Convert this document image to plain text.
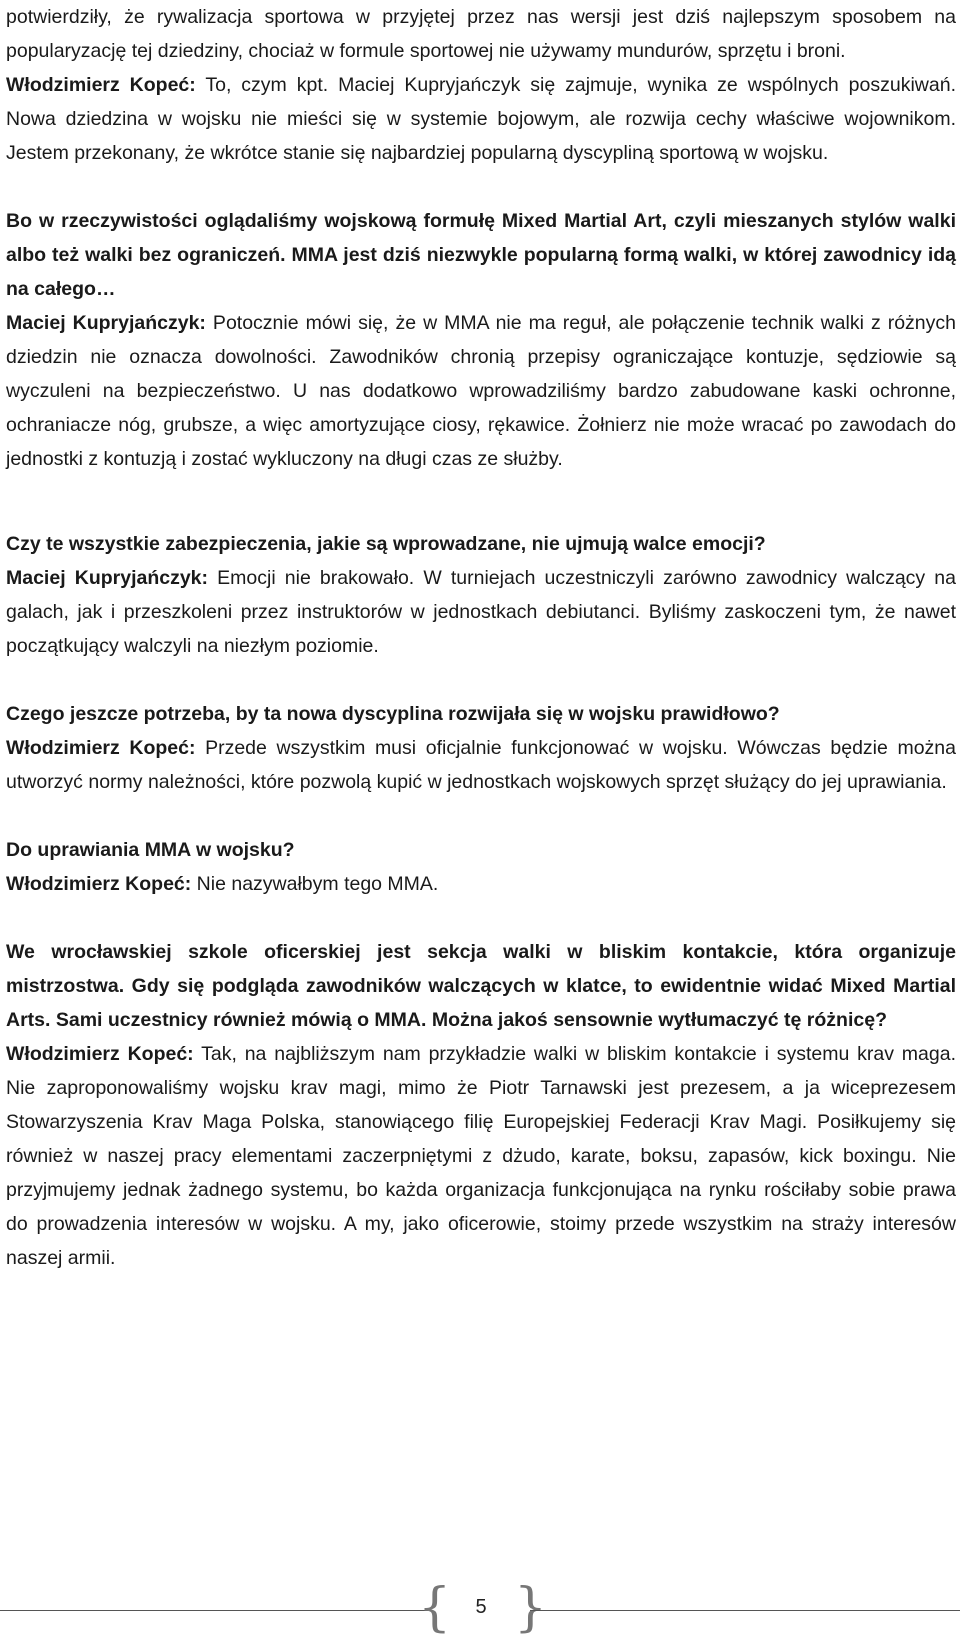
potwierdziły, że rywalizacja sportowa w przyjętej przez nas wersji jest dziś najlepszym sposobem na popularyzację tej dziedziny, chociaż w formule sportowej nie używamy mundurów, sprzętu i broni.

Włodzimierz Kopeć: To, czym kpt. Maciej Kupryjańczyk się zajmuje, wynika ze wspólnych poszukiwań. Nowa dziedzina w wojsku nie mieści się w systemie bojowym, ale rozwija cechy właściwe wojownikom. Jestem przekonany, że wkrótce stanie się najbardziej popularną dyscypliną sportową w wojsku.

Bo w rzeczywistości oglądaliśmy wojskową formułę Mixed Martial Art, czyli mieszanych stylów walki albo też walki bez ograniczeń. MMA jest dziś niezwykle popularną formą walki, w której zawodnicy idą na całego…

Maciej Kupryjańczyk: Potocznie mówi się, że w MMA nie ma reguł, ale połączenie technik walki z różnych dziedzin nie oznacza dowolności. Zawodników chronią przepisy ograniczające kontuzje, sędziowie są wyczuleni na bezpieczeństwo. U nas dodatkowo wprowadziliśmy bardzo zabudowane kaski ochronne, ochraniacze nóg, grubsze, a więc amortyzujące ciosy, rękawice. Żołnierz nie może wracać po zawodach do jednostki z kontuzją i zostać wykluczony na długi czas ze służby.

Czy te wszystkie zabezpieczenia, jakie są wprowadzane, nie ujmują walce emocji?

Maciej Kupryjańczyk: Emocji nie brakowało. W turniejach uczestniczyli zarówno zawodnicy walczący na galach, jak i przeszkoleni przez instruktorów w jednostkach debiutanci. Byliśmy zaskoczeni tym, że nawet początkujący walczyli na niezłym poziomie.

Czego jeszcze potrzeba, by ta nowa dyscyplina rozwijała się w wojsku prawidłowo?

Włodzimierz Kopeć: Przede wszystkim musi oficjalnie funkcjonować w wojsku. Wówczas będzie można utworzyć normy należności, które pozwolą kupić w jednostkach wojskowych sprzęt służący do jej uprawiania.

Do uprawiania MMA w wojsku?

Włodzimierz Kopeć: Nie nazywałbym tego MMA.

We wrocławskiej szkole oficerskiej jest sekcja walki w bliskim kontakcie, która organizuje mistrzostwa. Gdy się podgląda zawodników walczących w klatce, to ewidentnie widać Mixed Martial Arts. Sami uczestnicy również mówią o MMA. Można jakoś sensownie wytłumaczyć tę różnicę?

Włodzimierz Kopeć: Tak, na najbliższym nam przykładzie walki w bliskim kontakcie i systemu krav maga. Nie zaproponowaliśmy wojsku krav magi, mimo że Piotr Tarnawski jest prezesem, a ja wiceprezesem Stowarzyszenia Krav Maga Polska, stanowiącego filię Europejskiej Federacji Krav Magi. Posiłkujemy się również w naszej pracy elementami zaczerpniętymi z dżudo, karate, boksu, zapasów, kick boxingu. Nie przyjmujemy jednak żadnego systemu, bo każda organizacja funkcjonująca na rynku rościłaby sobie prawa do prowadzenia interesów w wojsku. A my, jako oficerowie, stoimy przede wszystkim na straży interesów naszej armii.

{	5 }
